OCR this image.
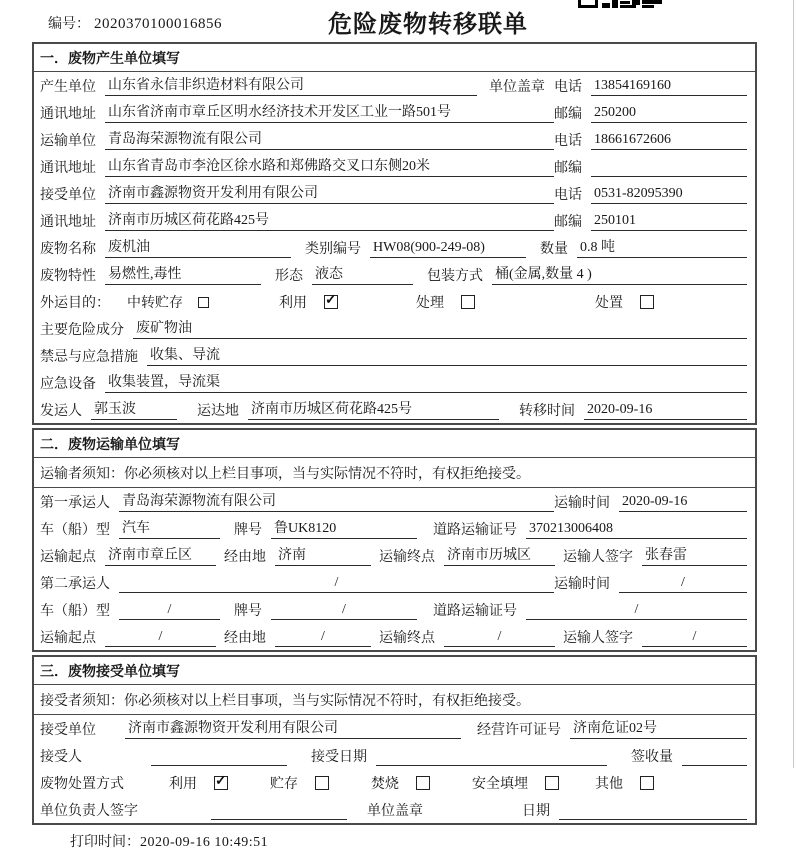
编号： 2020370100016856	危险废物转移联单
一．废物产生单位填写
产生单位 山东省永信非织造材料有限公司	单位盖章 电话 13854169160
通讯地址 山东省济南市章丘区明水经济技术开发区工业一路501号	邮编 250200
运输单位 青岛海荣源物流有限公司	电话 18661672606
通讯地址 山东省青岛市李沧区徐水路和郑佛路交叉口东侧20米	邮编
接受单位 济南市鑫源物资开发利用有限公司	电话 0531-82095390
通讯地址 济南市历城区荷花路425号	邮编 250101
废物名称 废机油	类别编号 HW08(900-249-08)	数量 0.8 吨
废物特性 易燃性,毒性	形态 液态	包装方式 桶(金属,数量 4 )
外运目的： 中转贮存	利用 ✓	处理	处置
主要危险成分 废矿物油
禁忌与应急措施 收集、导流
应急设备 收集装置，导流渠
发运人 郭玉波	运达地 济南市历城区荷花路425号	转移时间 2020-09-16
二．废物运输单位填写
运输者须知：你必须核对以上栏目事项，当与实际情况不符时，有权拒绝接受。
第一承运人 青岛海荣源物流有限公司	运输时间 2020-09-16
车（船）型 汽车	牌号 鲁UK8120	道路运输证号 370213006408
运输起点 济南市章丘区	经由地 济南	运输终点 济南市历城区	运输人签字 张春雷
第二承运人	/	运输时间	/
车（船）型	/	牌号	/	道路运输证号	/
运输起点	/	经由地	/	运输终点	/	运输人签字	/
三．废物接受单位填写
接受者须知：你必须核对以上栏目事项，当与实际情况不符时，有权拒绝接受。
接受单位 济南市鑫源物资开发利用有限公司	经营许可证号 济南危证02号
接受人	接受日期	签收量
废物处置方式	利用 ✓	贮存	焚烧	安全填埋	其他
单位负责人签字	单位盖章	日期
打印时间： 2020-09-16 10:49:51
